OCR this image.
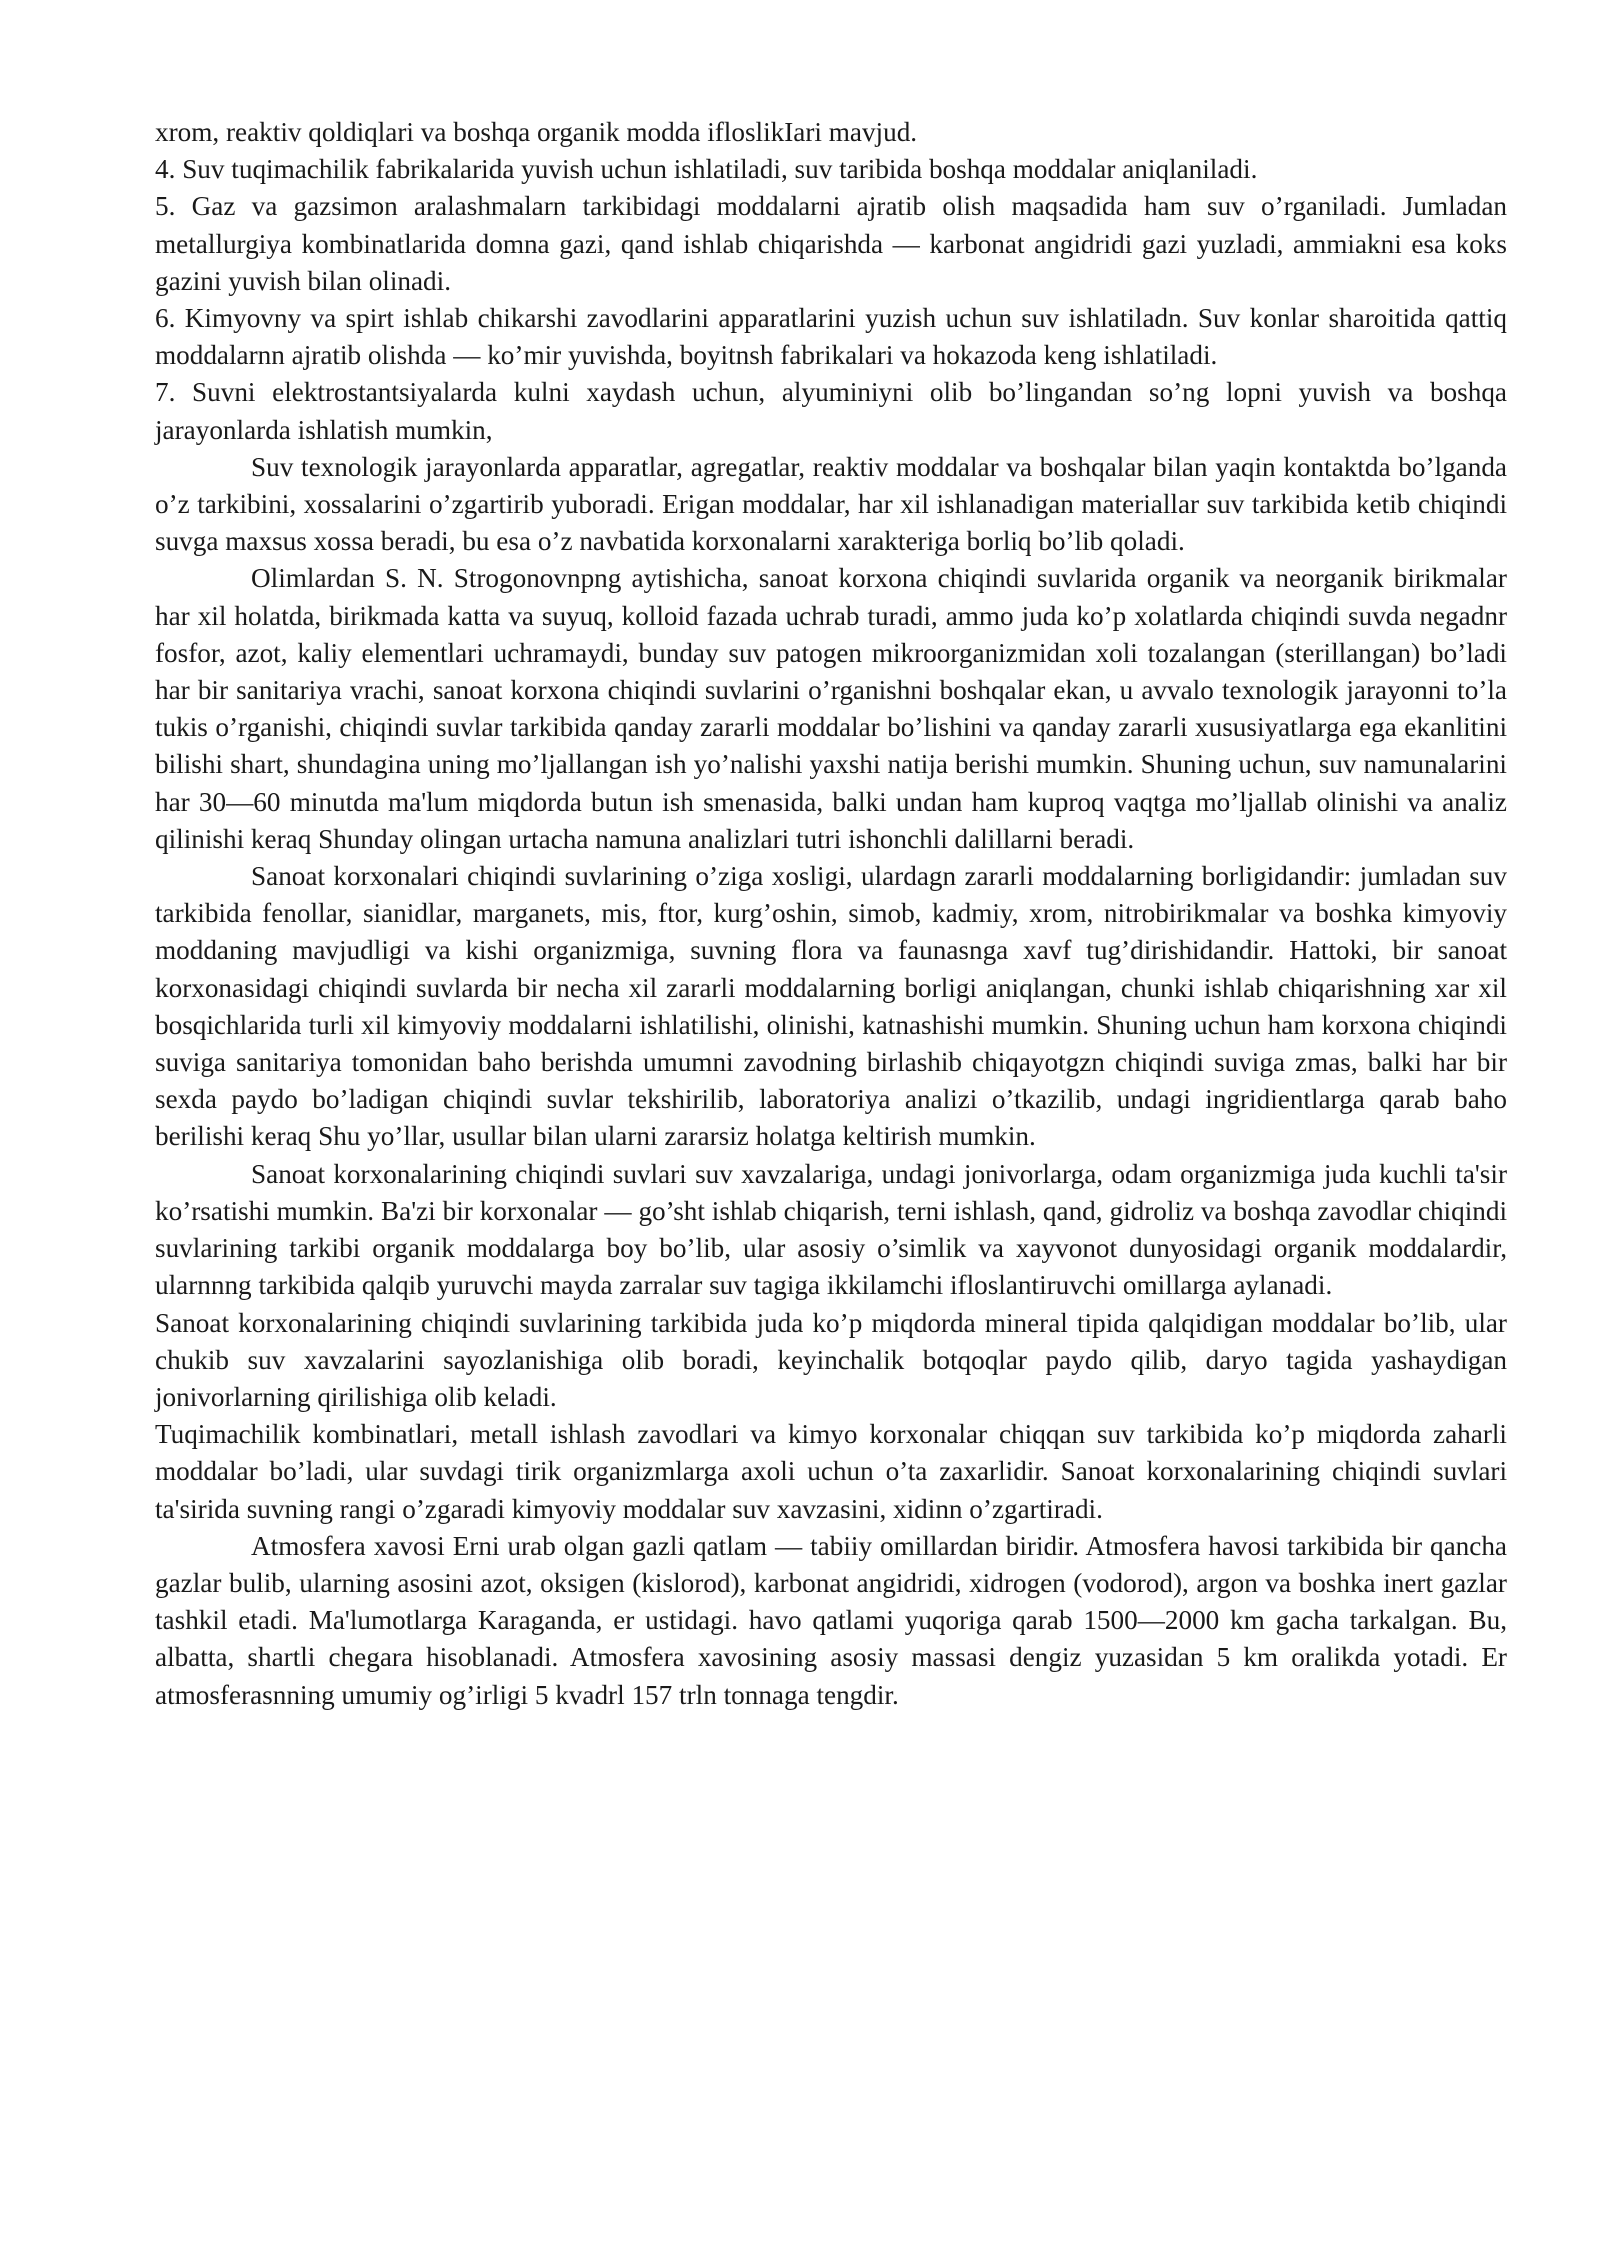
xrom, reaktiv qoldiqlari va boshqa organik modda ifloslikIari mavjud.

4. Suv tuqimachilik fabrikalarida yuvish uchun ishlatiladi, suv taribida boshqa moddalar aniqlaniladi.

5. Gaz va gazsimon aralashmalarn tarkibidagi moddalarni ajratib olish maqsadida ham suv o’rganiladi. Jumladan metallurgiya kombinatlarida domna gazi, qand ishlab chiqarishda — karbonat angidridi gazi yuzladi, ammiakni esa koks gazini yuvish bilan olinadi.

6. Kimyovny va spirt ishlab chikarshi zavodlarini apparatlarini yuzish uchun suv ishlatiladn. Suv konlar sharoitida qattiq moddalarnn ajratib olishda — ko’mir yuvishda, boyitnsh fabrikalari va hokazoda keng ishlatiladi.

7. Suvni elektrostantsiyalarda kulni xaydash uchun, alyuminiyni olib bo’lingandan so’ng lopni yuvish va boshqa jarayonlarda ishlatish mumkin,

Suv texnologik jarayonlarda apparatlar, agregatlar, reaktiv moddalar va boshqalar bilan yaqin kontaktda bo’lganda o’z tarkibini, xossalarini o’zgartirib yuboradi. Erigan moddalar, har xil ishlanadigan materiallar suv tarkibida ketib chiqindi suvga maxsus xossa beradi, bu esa o’z navbatida korxonalarni xarakteriga borliq bo’lib qoladi.

Olimlardan S. N. Strogonovnpng aytishicha, sanoat korxona chiqindi suvlarida organik va neorganik birikmalar har xil holatda, birikmada katta va suyuq, kolloid fazada uchrab turadi, ammo juda ko’p xolatlarda chiqindi suvda negadnr fosfor, azot, kaliy elementlari uchramaydi, bunday suv patogen mikroorganizmidan xoli tozalangan (sterillangan) bo’ladi har bir sanitariya vrachi, sanoat korxona chiqindi suvlarini o’rganishni boshqalar ekan, u avvalo texnologik jarayonni to’la tukis o’rganishi, chiqindi suvlar tarkibida qanday zararli moddalar bo’lishini va qanday zararli xususiyatlarga ega ekanlitini bilishi shart, shundagina uning mo’ljallangan ish yo’nalishi yaxshi natija berishi mumkin. Shuning uchun, suv namunalarini har 30—60 minutda ma'lum miqdorda butun ish smenasida, balki undan ham kuproq vaqtga mo’ljallab olinishi va analiz qilinishi keraq Shunday olingan urtacha namuna analizlari tutri ishonchli dalillarni beradi.

Sanoat korxonalari chiqindi suvlarining o’ziga xosligi, ulardagn zararli moddalarning borligidandir: jumladan suv tarkibida fenollar, sianidlar, marganets, mis, ftor, kurg’oshin, simob, kadmiy, xrom, nitrobirikmalar va boshka kimyoviy moddaning mavjudligi va kishi organizmiga, suvning flora va faunasnga xavf tug’dirishidandir. Hattoki, bir sanoat korxonasidagi chiqindi suvlarda bir necha xil zararli moddalarning borligi aniqlangan, chunki ishlab chiqarishning xar xil bosqichlarida turli xil kimyoviy moddalarni ishlatilishi, olinishi, katnashishi mumkin. Shuning uchun ham korxona chiqindi suviga sanitariya tomonidan baho berishda umumni zavodning birlashib chiqayotgzn chiqindi suviga zmas, balki har bir sexda paydo bo’ladigan chiqindi suvlar tekshirilib, laboratoriya analizi o’tkazilib, undagi ingridientlarga qarab baho berilishi keraq Shu yo’llar, usullar bilan ularni zararsiz holatga keltirish mumkin.

Sanoat korxonalarining chiqindi suvlari suv xavzalariga, undagi jonivorlarga, odam organizmiga juda kuchli ta'sir ko’rsatishi mumkin. Ba'zi bir korxonalar — go’sht ishlab chiqarish, terni ishlash, qand, gidroliz va boshqa zavodlar chiqindi suvlarining tarkibi organik moddalarga boy bo’lib, ular asosiy o’simlik va xayvonot dunyosidagi organik moddalardir, ularnnng tarkibida qalqib yuruvchi mayda zarralar suv tagiga ikkilamchi ifloslantiruvchi omillarga aylanadi.

Sanoat korxonalarining chiqindi suvlarining tarkibida juda ko’p miqdorda mineral tipida qalqidigan moddalar bo’lib, ular chukib suv xavzalarini sayozlanishiga olib boradi, keyinchalik botqoqlar paydo qilib, daryo tagida yashaydigan jonivorlarning qirilishiga olib keladi.

Tuqimachilik kombinatlari, metall ishlash zavodlari va kimyo korxonalar chiqqan suv tarkibida ko’p miqdorda zaharli moddalar bo’ladi, ular suvdagi tirik organizmlarga axoli uchun o’ta zaxarlidir. Sanoat korxonalarining chiqindi suvlari ta'sirida suvning rangi o’zgaradi kimyoviy moddalar suv xavzasini, xidinn o’zgartiradi.

Atmosfera xavosi Erni urab olgan gazli qatlam — tabiiy omillardan biridir. Atmosfera havosi tarkibida bir qancha gazlar bulib, ularning asosini azot, oksigen (kislorod), karbonat angidridi, xidrogen (vodorod), argon va boshka inert gazlar tashkil etadi. Ma'lumotlarga Karaganda, er ustidagi. havo qatlami yuqoriga qarab 1500—2000 km gacha tarkalgan. Bu, albatta, shartli chegara hisoblanadi. Atmosfera xavosining asosiy massasi dengiz yuzasidan 5 km oralikda yotadi. Er atmosferasnning umumiy og’irligi 5 kvadrl 157 trln tonnaga tengdir.
